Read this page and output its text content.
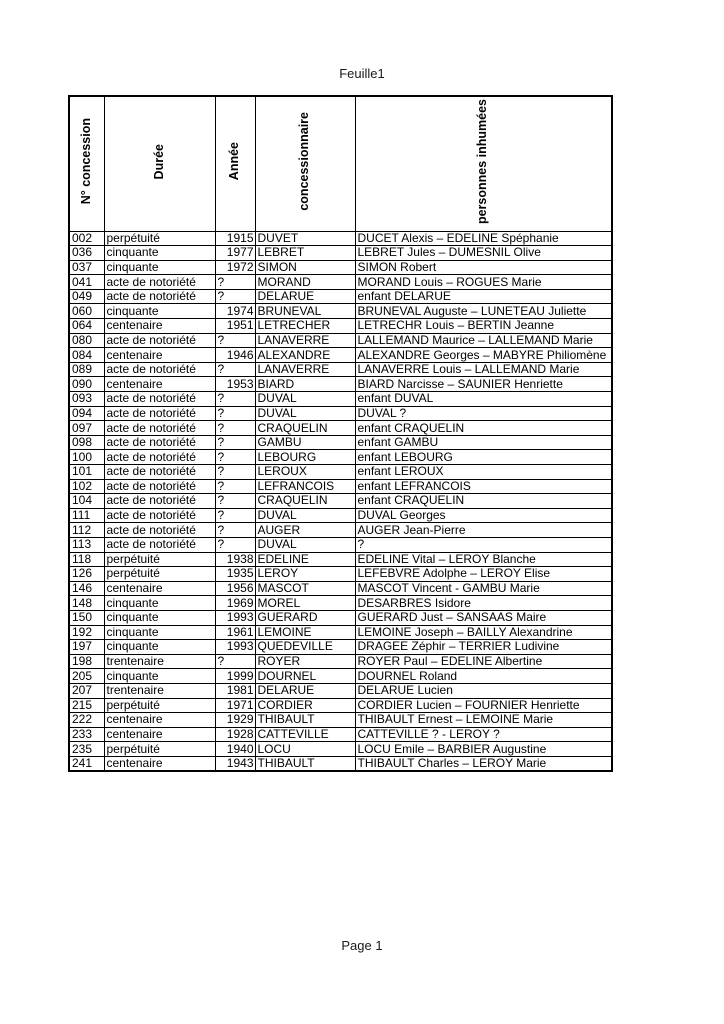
Feuille1
N° concession	Durée	Année	concessionnaire	personnes inhumées
002	perpétuité	1915	DUVET	DUCET Alexis – EDELINE Spéphanie
036	cinquante	1977	LEBRET	LEBRET Jules – DUMESNIL Olive
037	cinquante	1972	SIMON	SIMON Robert
041	acte de notoriété	?	MORAND	MORAND Louis – ROGUES Marie
049	acte de notoriété	?	DELARUE	enfant DELARUE
060	cinquante	1974	BRUNEVAL	BRUNEVAL Auguste – LUNETEAU Juliette
064	centenaire	1951	LETRECHER	LETRECHR Louis – BERTIN Jeanne
080	acte de notoriété	?	LANAVERRE	LALLEMAND Maurice – LALLEMAND Marie
084	centenaire	1946	ALEXANDRE	ALEXANDRE Georges – MABYRE Philiomène
089	acte de notoriété	?	LANAVERRE	LANAVERRE Louis – LALLEMAND Marie
090	centenaire	1953	BIARD	BIARD Narcisse – SAUNIER Henriette
093	acte de notoriété	?	DUVAL	enfant DUVAL
094	acte de notoriété	?	DUVAL	DUVAL ?
097	acte de notoriété	?	CRAQUELIN	enfant CRAQUELIN
098	acte de notoriété	?	GAMBU	enfant GAMBU
100	acte de notoriété	?	LEBOURG	enfant LEBOURG
101	acte de notoriété	?	LEROUX	enfant LEROUX
102	acte de notoriété	?	LEFRANCOIS	enfant LEFRANCOIS
104	acte de notoriété	?	CRAQUELIN	enfant CRAQUELIN
111	acte de notoriété	?	DUVAL	DUVAL Georges
112	acte de notoriété	?	AUGER	AUGER Jean-Pierre
113	acte de notoriété	?	DUVAL	?
118	perpétuité	1938	EDELINE	EDELINE Vital – LEROY Blanche
126	perpétuité	1935	LEROY	LEFEBVRE Adolphe – LEROY Elise
146	centenaire	1956	MASCOT	MASCOT Vincent - GAMBU Marie
148	cinquante	1969	MOREL	DESARBRES Isidore
150	cinquante	1993	GUERARD	GUERARD Just – SANSAAS Maire
192	cinquante	1961	LEMOINE	LEMOINE Joseph – BAILLY Alexandrine
197	cinquante	1993	QUEDEVILLE	DRAGEE Zéphir – TERRIER Ludivine
198	trentenaire	?	ROYER	ROYER Paul – EDELINE Albertine
205	cinquante	1999	DOURNEL	DOURNEL Roland
207	trentenaire	1981	DELARUE	DELARUE Lucien
215	perpétuité	1971	CORDIER	CORDIER Lucien – FOURNIER Henriette
222	centenaire	1929	THIBAULT	THIBAULT Ernest – LEMOINE Marie
233	centenaire	1928	CATTEVILLE	CATTEVILLE ? - LEROY ?
235	perpétuité	1940	LOCU	LOCU Emile – BARBIER Augustine
241	centenaire	1943	THIBAULT	THIBAULT Charles – LEROY Marie
Page 1
